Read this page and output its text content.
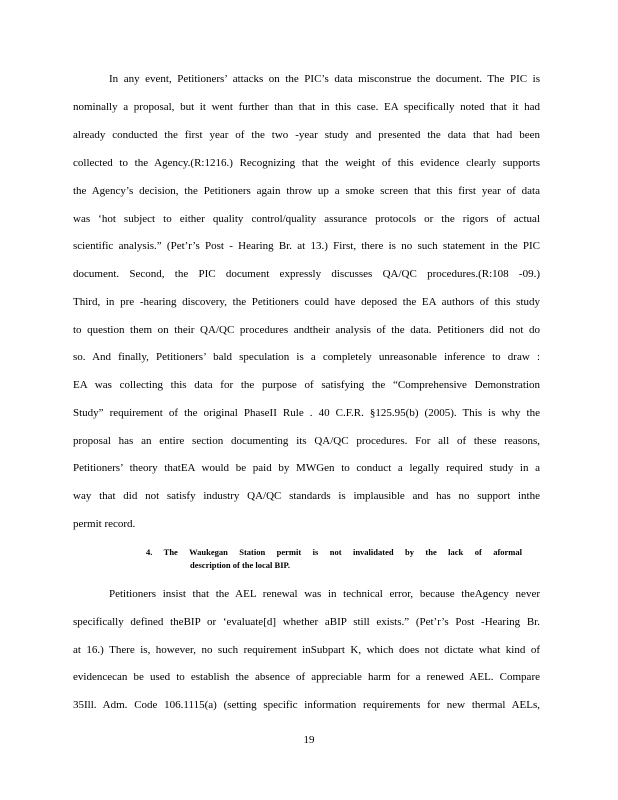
In any event, Petitioners’ attacks on the PIC’s data misconstrue the document. The PIC is
nominally a proposal, but it went further than that in this case. EA specifically noted that it had
already conducted the first year of the two -year study and presented the data that had been
collected to the Agency.(R:1216.) Recognizing that the weight of this evidence clearly supports
the Agency’s decision, the Petitioners again throw up a smoke screen that this first year of data
was ‘hot subject to either quality control/quality assurance protocols or the rigors of actual
scientific analysis.” (Pet’r’s Post - Hearing Br. at 13.) First, there is no such statement in the PIC
document. Second, the PIC document expressly discusses QA/QC procedures.(R:108 -09.)
Third, in pre -hearing discovery, the Petitioners could have deposed the EA authors of this study
to question them on their QA/QC procedures andtheir analysis of the data. Petitioners did not do
so. And finally, Petitioners’ bald speculation is a completely unreasonable inference to draw :
EA was collecting this data for the purpose of satisfying the “Comprehensive Demonstration
Study” requirement of the original PhaseII Rule . 40 C.F.R. §125.95(b) (2005). This is why the
proposal has an entire section documenting its QA/QC procedures. For all of these reasons,
Petitioners’ theory thatEA would be paid by MWGen to conduct a legally required study in a
way that did not satisfy industry QA/QC standards is implausible and has no support inthe
permit record.
4. The Waukegan Station permit is not invalidated by the lack of aformal
description of the local BIP.
Petitioners insist that the AEL renewal was in technical error, because theAgency never
specifically defined theBIP or ‘evaluate[d] whether aBIP still exists.” (Pet’r’s Post -Hearing Br.
at 16.) There is, however, no such requirement inSubpart K, which does not dictate what kind of
evidencecan be used to establish the absence of appreciable harm for a renewed AEL. Compare
35Ill. Adm. Code 106.1115(a) (setting specific information requirements for new thermal AELs,
19
